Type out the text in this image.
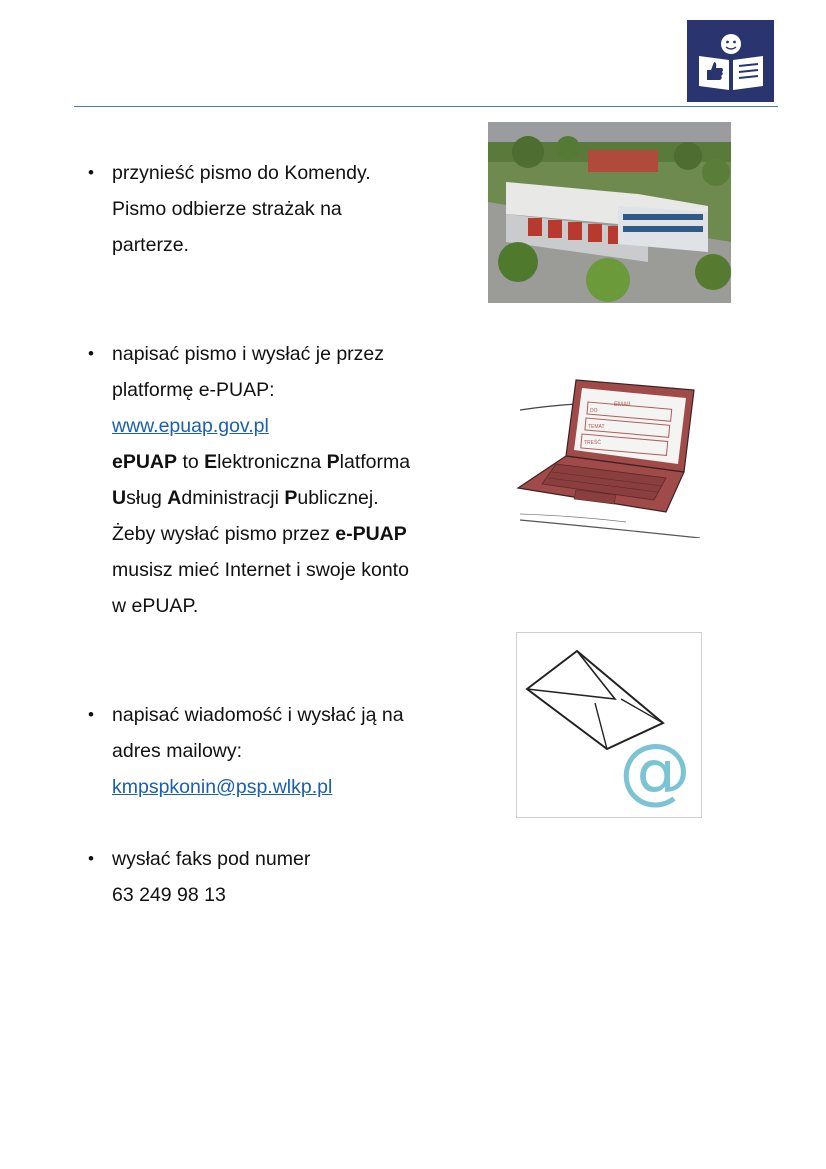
• przynieść pismo do Komendy.
Pismo odbierze strażak na
parterze.
• napisać pismo i wysłać je przez
platformę e-PUAP:
www.epuap.gov.pl
ePUAP to Elektroniczna Platforma
Usług Administracji Publicznej.
Żeby wysłać pismo przez e-PUAP
musisz mieć Internet i swoje konto
w ePUAP.
EMAIL
DO
TEMAT
TREŚĆ
@
• napisać wiadomość i wysłać ją na
adres mailowy:
kmpspkonin@psp.wlkp.pl
• wysłać faks pod numer
63 249 98 13
